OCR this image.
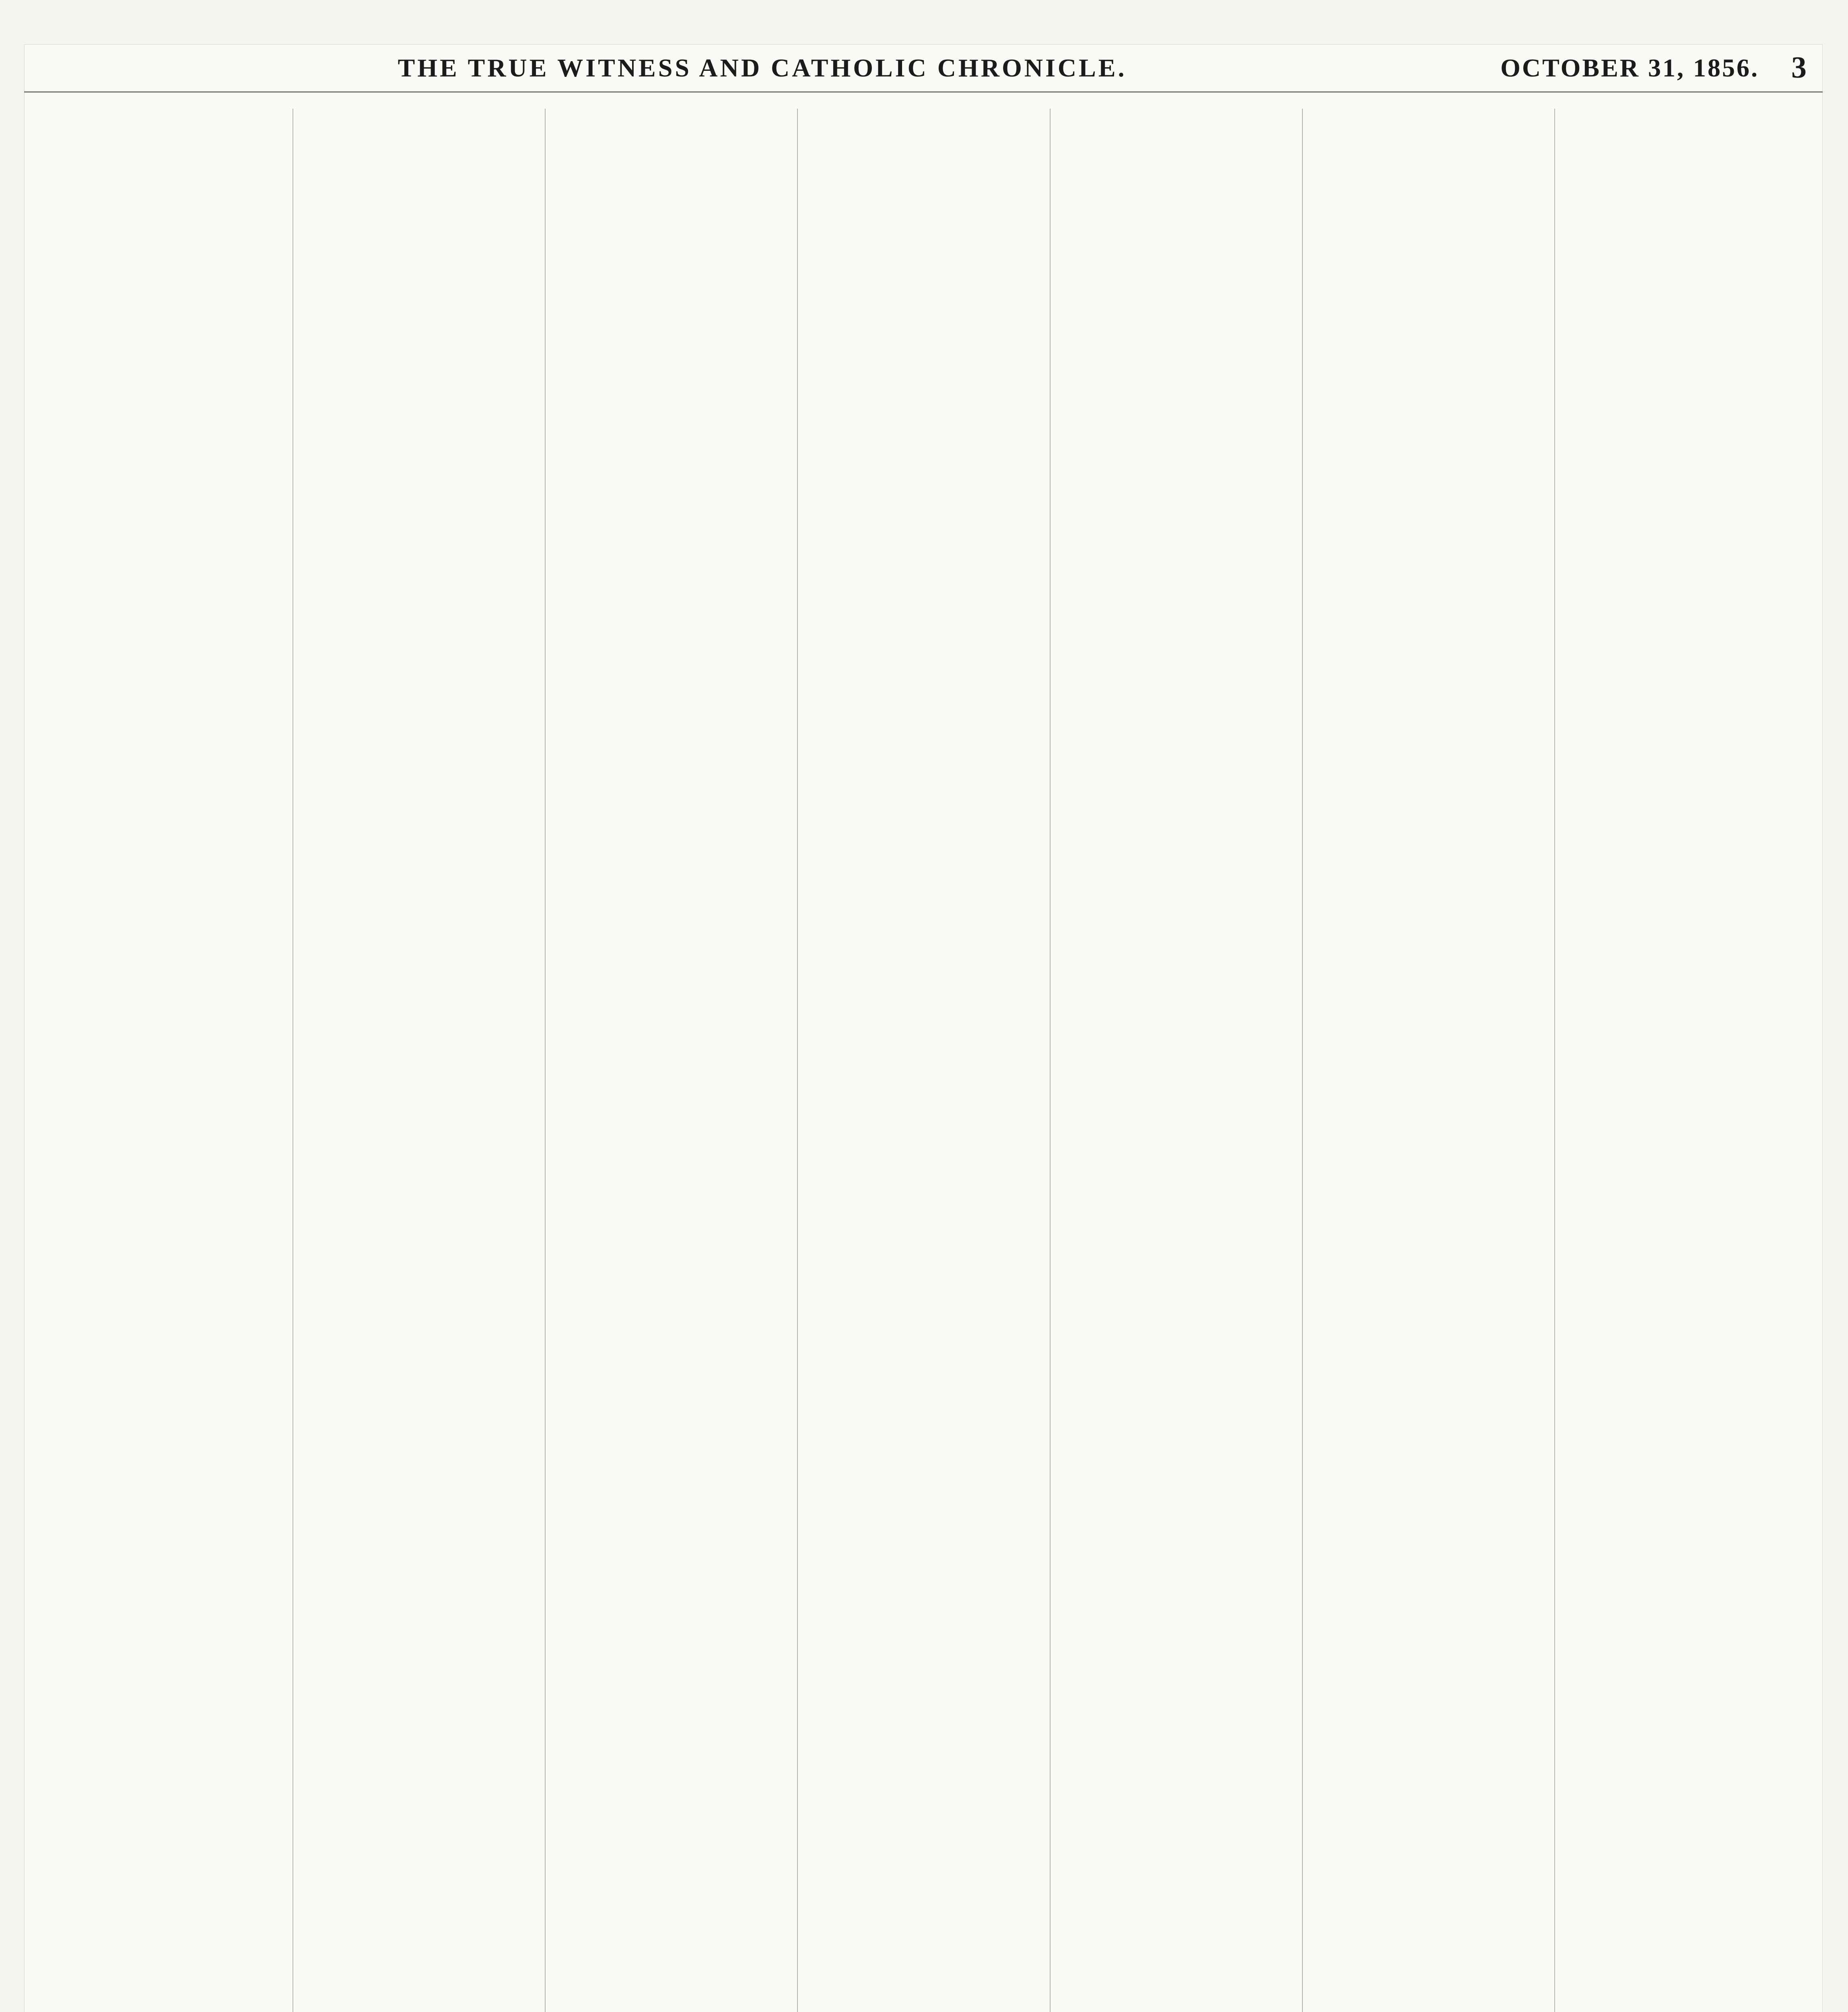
THE TRUE WITNESS AND CATHOLIC CHRONICLE.	OCTOBER 31, 1856. 3
